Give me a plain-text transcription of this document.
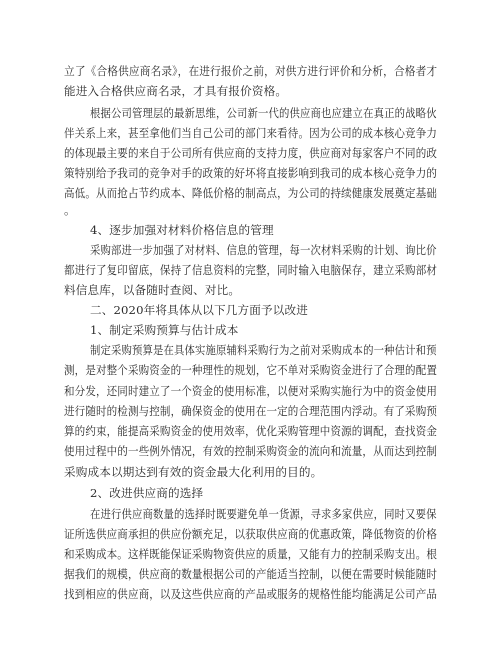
立了《合格供应商名录》，在进行报价之前，对供方进行评价和分析，合格者才
能进入合格供应商名录，才具有报价资格。
根据公司管理层的最新思维，公司新一代的供应商也应建立在真正的战略伙
伴关系上来，甚至拿他们当自己公司的部门来看待。因为公司的成本核心竞争力
的体现最主要的来自于公司所有供应商的支持力度，供应商对每家客户不同的政
策特别给予我司的竞争对手的政策的好坏将直接影响到我司的成本核心竞争力的
高低。从而抢占节约成本、降低价格的制高点，为公司的持续健康发展奠定基础
。
4、逐步加强对材料价格信息的管理
采购部进一步加强了对材料、信息的管理，每一次材料采购的计划、询比价
都进行了复印留底，保持了信息资料的完整，同时输入电脑保存，建立采购部材
料信息库，以备随时查阅、对比。
二、2020年将具体从以下几方面予以改进
1、制定采购预算与估计成本
制定采购预算是在具体实施原辅料采购行为之前对采购成本的一种估计和预
测，是对整个采购资金的一种理性的规划，它不单对采购资金进行了合理的配置
和分发，还同时建立了一个资金的使用标准，以便对采购实施行为中的资金使用
进行随时的检测与控制，确保资金的使用在一定的合理范围内浮动。有了采购预
算的约束，能提高采购资金的使用效率，优化采购管理中资源的调配，查找资金
使用过程中的一些例外情况，有效的控制采购资金的流向和流量，从而达到控制
采购成本以期达到有效的资金最大化利用的目的。
2、改进供应商的选择
在进行供应商数量的选择时既要避免单一货源，寻求多家供应，同时又要保
证所选供应商承担的供应份额充足，以获取供应商的优惠政策，降低物资的价格
和采购成本。这样既能保证采购物资供应的质量，又能有力的控制采购支出。根
据我们的规模，供应商的数量根据公司的产能适当控制，以便在需要时候能随时
找到相应的供应商，以及这些供应商的产品或服务的规格性能均能满足公司产品
